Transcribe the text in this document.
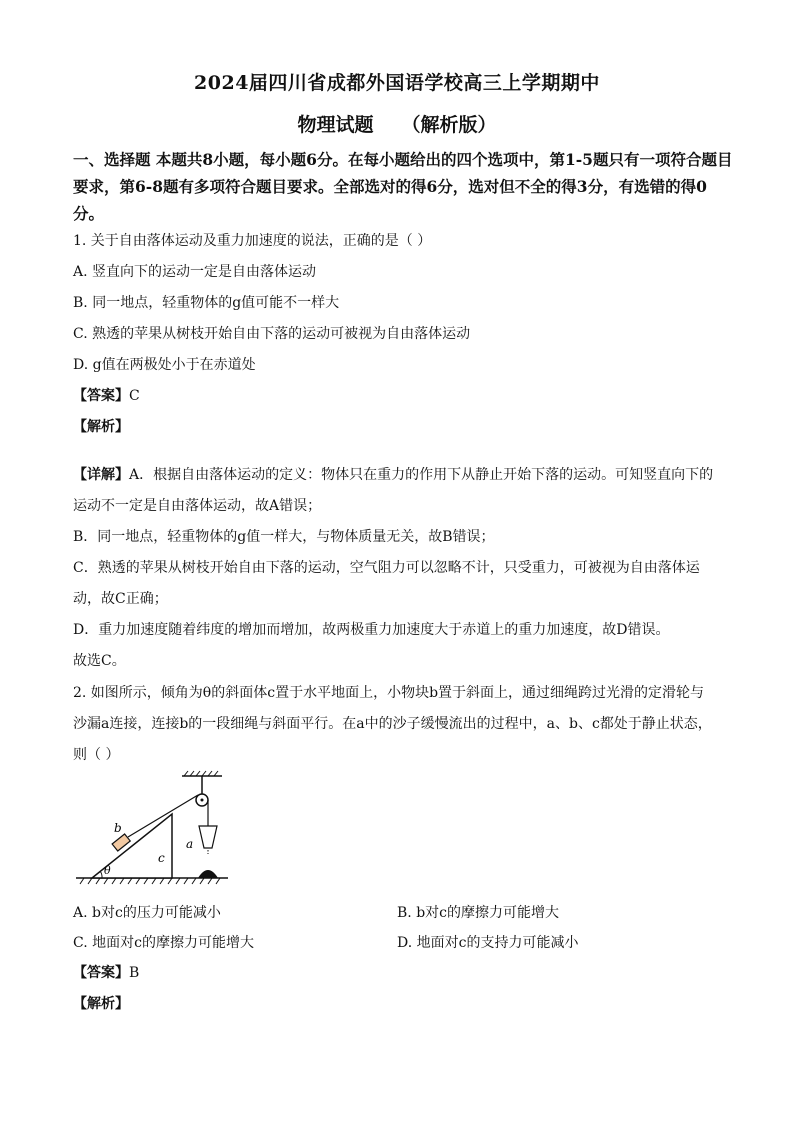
2024届四川省成都外国语学校高三上学期期中
物理试题 （解析版）
一、选择题 本题共8小题，每小题6分。在每小题给出的四个选项中，第1-5题只有一项符合题目要求，第6-8题有多项符合题目要求。全部选对的得6分，选对但不全的得3分，有选错的得0分。
1. 关于自由落体运动及重力加速度的说法，正确的是（ ）
A. 竖直向下的运动一定是自由落体运动
B. 同一地点，轻重物体的g值可能不一样大
C. 熟透的苹果从树枝开始自由下落的运动可被视为自由落体运动
D. g值在两极处小于在赤道处
【答案】C
【解析】
【详解】A．根据自由落体运动的定义：物体只在重力的作用下从静止开始下落的运动。可知竖直向下的
运动不一定是自由落体运动，故A错误；
B．同一地点，轻重物体的g值一样大，与物体质量无关，故B错误；
C．熟透的苹果从树枝开始自由下落的运动，空气阻力可以忽略不计，只受重力，可被视为自由落体运
动，故C正确；
D．重力加速度随着纬度的增加而增加，故两极重力加速度大于赤道上的重力加速度，故D错误。
故选C。
2. 如图所示，倾角为θ的斜面体c置于水平地面上，小物块b置于斜面上，通过细绳跨过光滑的定滑轮与
沙漏a连接，连接b的一段细绳与斜面平行。在a中的沙子缓慢流出的过程中，a、b、c都处于静止状态，
则（ ）
b
c
a
θ
A. b对c的压力可能减小	B. b对c的摩擦力可能增大
C. 地面对c的摩擦力可能增大	D. 地面对c的支持力可能减小
【答案】B
【解析】
